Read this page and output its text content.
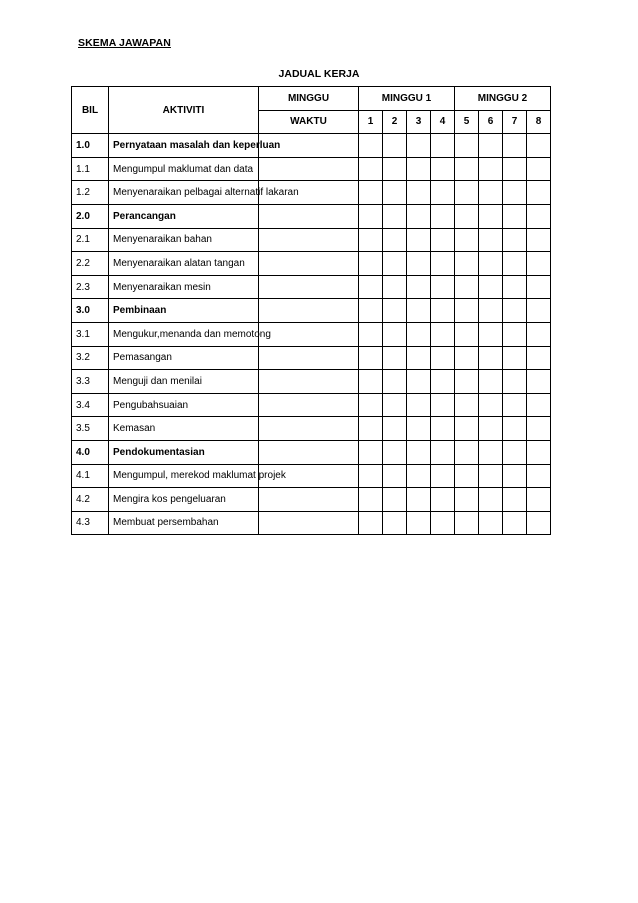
SKEMA JAWAPAN
JADUAL KERJA
BIL	AKTIVITI	MINGGU	MINGGU 1				MINGGU 2			
		WAKTU	1	2	3	4	5	6	7	8
1.0	Pernyataan masalah dan keperluan									
1.1	Mengumpul maklumat dan data									
1.2	Menyenaraikan pelbagai alternatif lakaran									
2.0	Perancangan									
2.1	Menyenaraikan bahan									
2.2	Menyenaraikan alatan tangan									
2.3	Menyenaraikan mesin									
3.0	Pembinaan									
3.1	Mengukur,menanda dan memotong									
3.2	Pemasangan									
3.3	Menguji dan menilai									
3.4	Pengubahsuaian									
3.5	Kemasan									
4.0	Pendokumentasian									
4.1	Mengumpul, merekod maklumat projek									
4.2	Mengira kos pengeluaran									
4.3	Membuat persembahan									
